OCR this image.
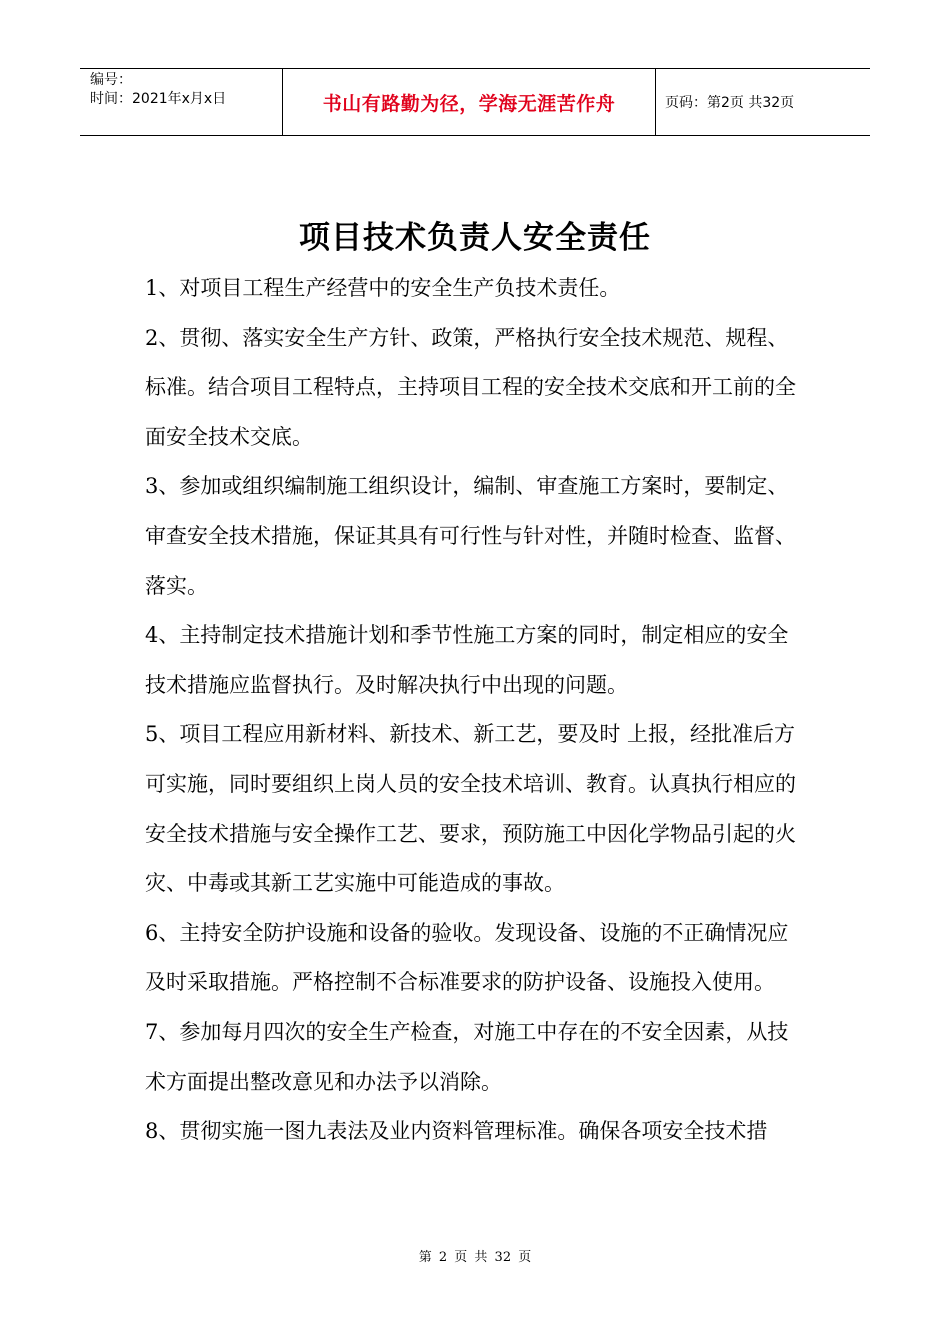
编号：
时间：2021年x月x日	书山有路勤为径，学海无涯苦作舟	页码：第2页 共32页
项目技术负责人安全责任

1、对项目工程生产经营中的安全生产负技术责任。

2、贯彻、落实安全生产方针、政策，严格执行安全技术规范、规程、标准。结合项目工程特点，主持项目工程的安全技术交底和开工前的全面安全技术交底。

3、参加或组织编制施工组织设计，编制、审查施工方案时，要制定、审查安全技术措施，保证其具有可行性与针对性，并随时检查、监督、落实。

4、主持制定技术措施计划和季节性施工方案的同时，制定相应的安全技术措施应监督执行。及时解决执行中出现的问题。

5、项目工程应用新材料、新技术、新工艺，要及时 上报，经批准后方可实施，同时要组织上岗人员的安全技术培训、教育。认真执行相应的安全技术措施与安全操作工艺、要求，预防施工中因化学物品引起的火灾、中毒或其新工艺实施中可能造成的事故。

6、主持安全防护设施和设备的验收。发现设备、设施的不正确情况应及时采取措施。严格控制不合标准要求的防护设备、设施投入使用。

7、参加每月四次的安全生产检查，对施工中存在的不安全因素，从技术方面提出整改意见和办法予以消除。

8、贯彻实施一图九表法及业内资料管理标准。确保各项安全技术措

第 2 页 共 32 页
